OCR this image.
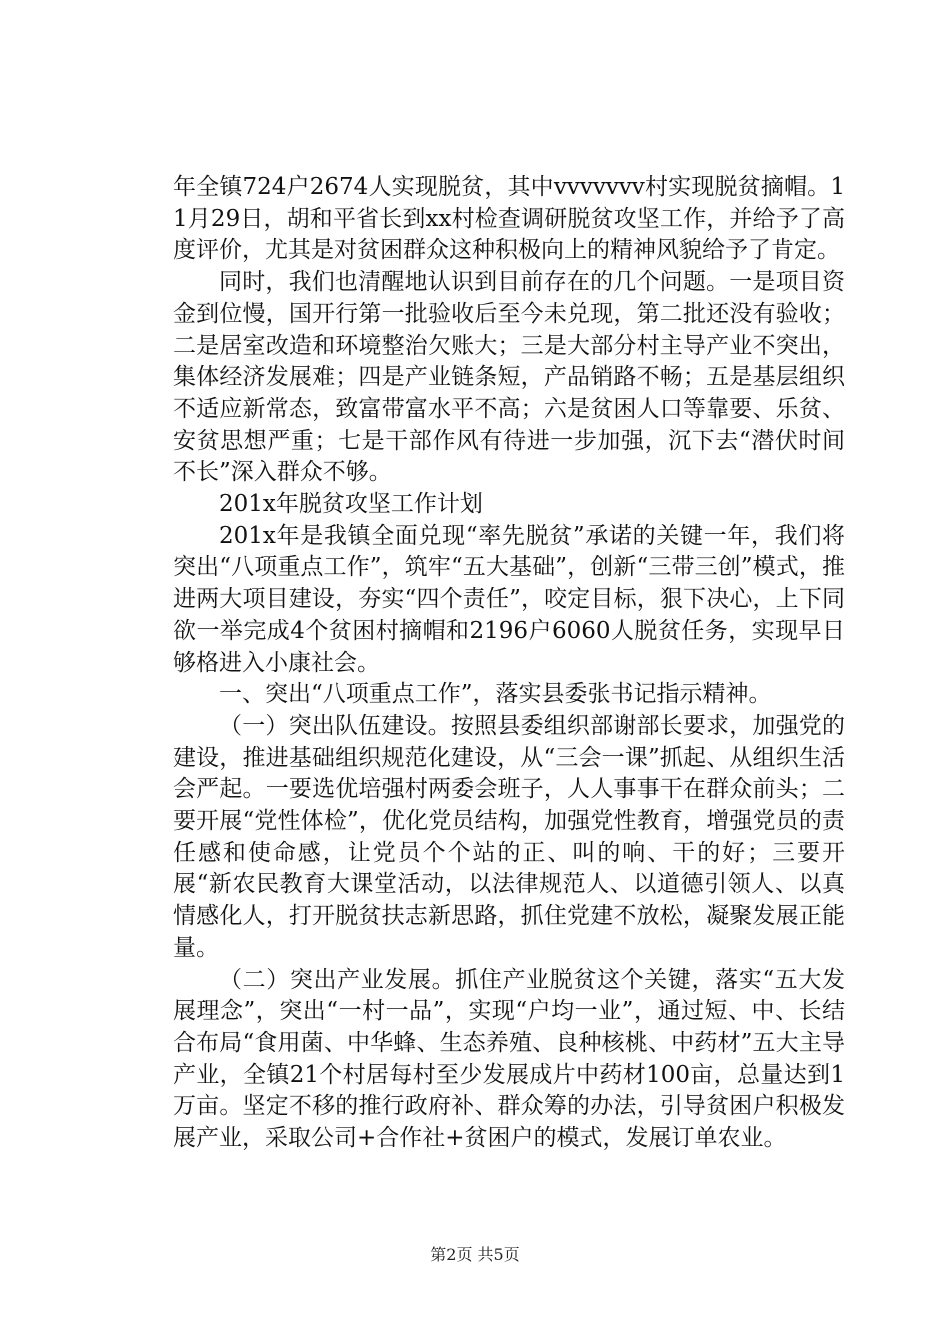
年全镇724户2674人实现脱贫，其中vvvvvvv村实现脱贫摘帽。11月29日，胡和平省长到xx村检查调研脱贫攻坚工作，并给予了高度评价，尤其是对贫困群众这种积极向上的精神风貌给予了肯定。

同时，我们也清醒地认识到目前存在的几个问题。一是项目资金到位慢，国开行第一批验收后至今未兑现，第二批还没有验收；二是居室改造和环境整治欠账大；三是大部分村主导产业不突出，集体经济发展难；四是产业链条短，产品销路不畅；五是基层组织不适应新常态，致富带富水平不高；六是贫困人口等靠要、乐贫、安贫思想严重；七是干部作风有待进一步加强，沉下去“潜伏时间不长”深入群众不够。

201x年脱贫攻坚工作计划

201x年是我镇全面兑现“率先脱贫”承诺的关键一年，我们将突出“八项重点工作”，筑牢“五大基础”，创新“三带三创”模式，推进两大项目建设，夯实“四个责任”，咬定目标，狠下决心，上下同欲一举完成4个贫困村摘帽和2196户6060人脱贫任务，实现早日够格进入小康社会。

一、突出“八项重点工作”，落实县委张书记指示精神。

（一）突出队伍建设。按照县委组织部谢部长要求，加强党的建设，推进基础组织规范化建设，从“三会一课”抓起、从组织生活会严起。一要选优培强村两委会班子，人人事事干在群众前头；二要开展“党性体检”，优化党员结构，加强党性教育，增强党员的责任感和使命感，让党员个个站的正、叫的响、干的好；三要开展“新农民教育大课堂活动，以法律规范人、以道德引领人、以真情感化人，打开脱贫扶志新思路，抓住党建不放松，凝聚发展正能量。

（二）突出产业发展。抓住产业脱贫这个关键，落实“五大发展理念”，突出“一村一品”，实现“户均一业”，通过短、中、长结合布局“食用菌、中华蜂、生态养殖、良种核桃、中药材”五大主导产业，全镇21个村居每村至少发展成片中药材100亩，总量达到1万亩。坚定不移的推行政府补、群众筹的办法，引导贫困户积极发展产业，采取公司+合作社+贫困户的模式，发展订单农业。

第2页 共5页
